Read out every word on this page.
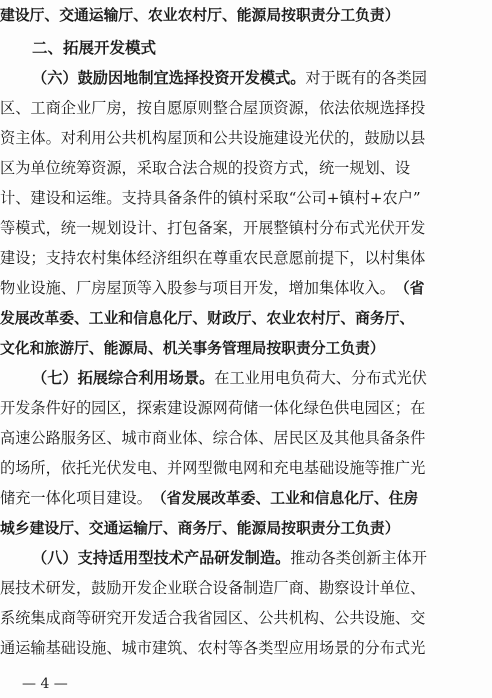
建设厅、交通运输厅、农业农村厅、能源局按职责分工负责）
二、拓展开发模式
（六）鼓励因地制宜选择投资开发模式。对于既有的各类园
区、工商企业厂房，按自愿原则整合屋顶资源，依法依规选择投
资主体。对利用公共机构屋顶和公共设施建设光伏的，鼓励以县
区为单位统筹资源，采取合法合规的投资方式，统一规划、设
计、建设和运维。支持具备条件的镇村采取“公司+镇村+农户”
等模式，统一规划设计、打包备案，开展整镇村分布式光伏开发
建设；支持农村集体经济组织在尊重农民意愿前提下，以村集体
物业设施、厂房屋顶等入股参与项目开发，增加集体收入。（省
发展改革委、工业和信息化厅、财政厅、农业农村厅、商务厅、
文化和旅游厅、能源局、机关事务管理局按职责分工负责）
（七）拓展综合利用场景。在工业用电负荷大、分布式光伏
开发条件好的园区，探索建设源网荷储一体化绿色供电园区；在
高速公路服务区、城市商业体、综合体、居民区及其他具备条件
的场所，依托光伏发电、并网型微电网和充电基础设施等推广光
储充一体化项目建设。（省发展改革委、工业和信息化厅、住房
城乡建设厅、交通运输厅、商务厅、能源局按职责分工负责）
（八）支持适用型技术产品研发制造。推动各类创新主体开
展技术研发，鼓励开发企业联合设备制造厂商、勘察设计单位、
系统集成商等研究开发适合我省园区、公共机构、公共设施、交
通运输基础设施、城市建筑、农村等各类型应用场景的分布式光
— 4 —
